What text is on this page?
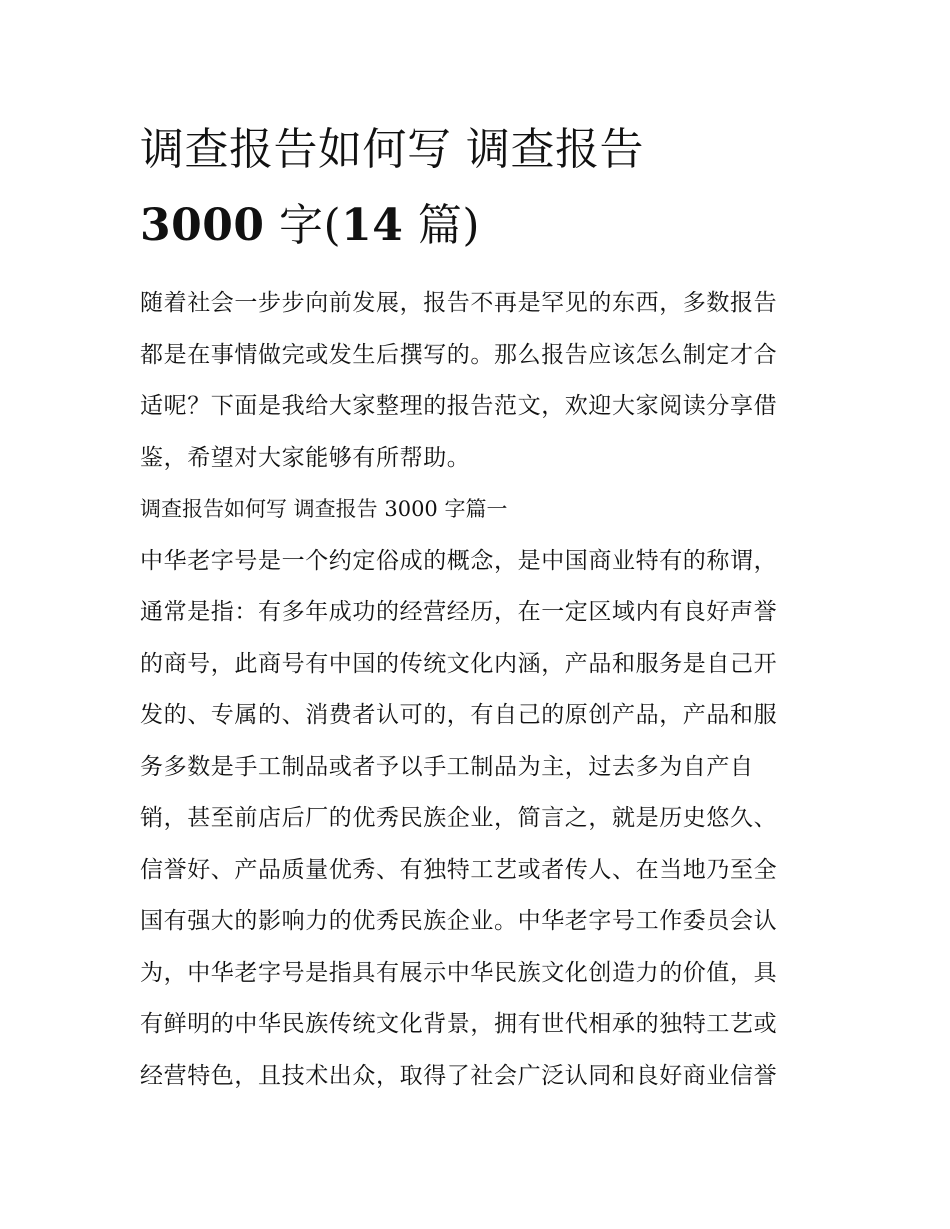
调查报告如何写 调查报告
3000 字(14 篇)

随着社会一步步向前发展，报告不再是罕见的东西，多数报告

都是在事情做完或发生后撰写的。那么报告应该怎么制定才合

适呢？下面是我给大家整理的报告范文，欢迎大家阅读分享借

鉴，希望对大家能够有所帮助。

调查报告如何写 调查报告 3000 字篇一

中华老字号是一个约定俗成的概念，是中国商业特有的称谓，

通常是指：有多年成功的经营经历，在一定区域内有良好声誉

的商号，此商号有中国的传统文化内涵，产品和服务是自己开

发的、专属的、消费者认可的，有自己的原创产品，产品和服

务多数是手工制品或者予以手工制品为主，过去多为自产自

销，甚至前店后厂的优秀民族企业，简言之，就是历史悠久、

信誉好、产品质量优秀、有独特工艺或者传人、在当地乃至全

国有强大的影响力的优秀民族企业。中华老字号工作委员会认

为，中华老字号是指具有展示中华民族文化创造力的价值，具

有鲜明的中华民族传统文化背景，拥有世代相承的独特工艺或

经营特色，且技术出众，取得了社会广泛认同和良好商业信誉
